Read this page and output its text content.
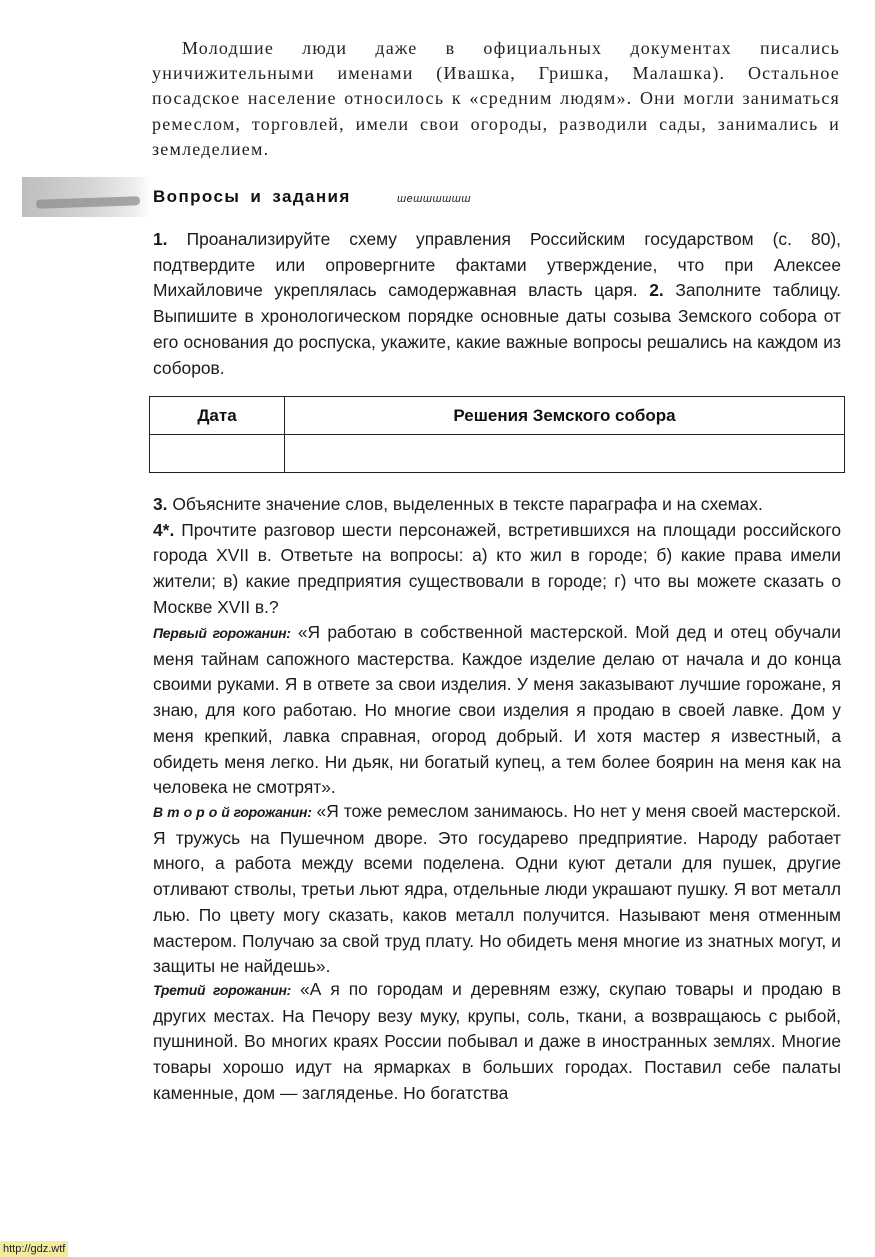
Молодшие люди даже в официальных документах писались уничижительными именами (Ивашка, Гришка, Малашка). Остальное посадское население относилось к «средним людям». Они могли заниматься ремеслом, торговлей, имели свои огороды, разводили сады, занимались и земледелием.

Вопросы и задания	шешшшшшш

1. Проанализируйте схему управления Российским государством (с. 80), подтвердите или опровергните фактами утверждение, что при Алексее Михайловиче укреплялась самодержавная власть царя. 2. Заполните таблицу. Выпишите в хронологическом порядке основные даты созыва Земского собора от его основания до роспуска, укажите, какие важные вопросы решались на каждом из соборов.

Дата	Решения Земского собора

3. Объясните значение слов, выделенных в тексте параграфа и на схемах.

4*. Прочтите разговор шести персонажей, встретившихся на площади российского города XVII в. Ответьте на вопросы: а) кто жил в городе; б) какие права имели жители; в) какие предприятия существовали в городе; г) что вы можете сказать о Москве XVII в.?

Первый горожанин: «Я работаю в собственной мастерской. Мой дед и отец обучали меня тайнам сапожного мастерства. Каждое изделие делаю от начала и до конца своими руками. Я в ответе за свои изделия. У меня заказывают лучшие горожане, я знаю, для кого работаю. Но многие свои изделия я продаю в своей лавке. Дом у меня крепкий, лавка справная, огород добрый. И хотя мастер я известный, а обидеть меня легко. Ни дьяк, ни богатый купец, а тем более боярин на меня как на человека не смотрят».

В т о р о й горожанин: «Я тоже ремеслом занимаюсь. Но нет у меня своей мастерской. Я тружусь на Пушечном дворе. Это государево предприятие. Народу работает много, а работа между всеми поделена. Одни куют детали для пушек, другие отливают стволы, третьи льют ядра, отдельные люди украшают пушку. Я вот металл лью. По цвету могу сказать, каков металл получится. Называют меня отменным мастером. Получаю за свой труд плату. Но обидеть меня многие из знатных могут, и защиты не найдешь».

Третий горожанин: «А я по городам и деревням езжу, скупаю товары и продаю в других местах. На Печору везу муку, крупы, соль, ткани, а возвращаюсь с рыбой, пушниной. Во многих краях России побывал и даже в иностранных землях. Многие товары хорошо идут на ярмарках в больших городах. Поставил себе палаты каменные, дом — загляденье. Но богатства

http://gdz.wtf
